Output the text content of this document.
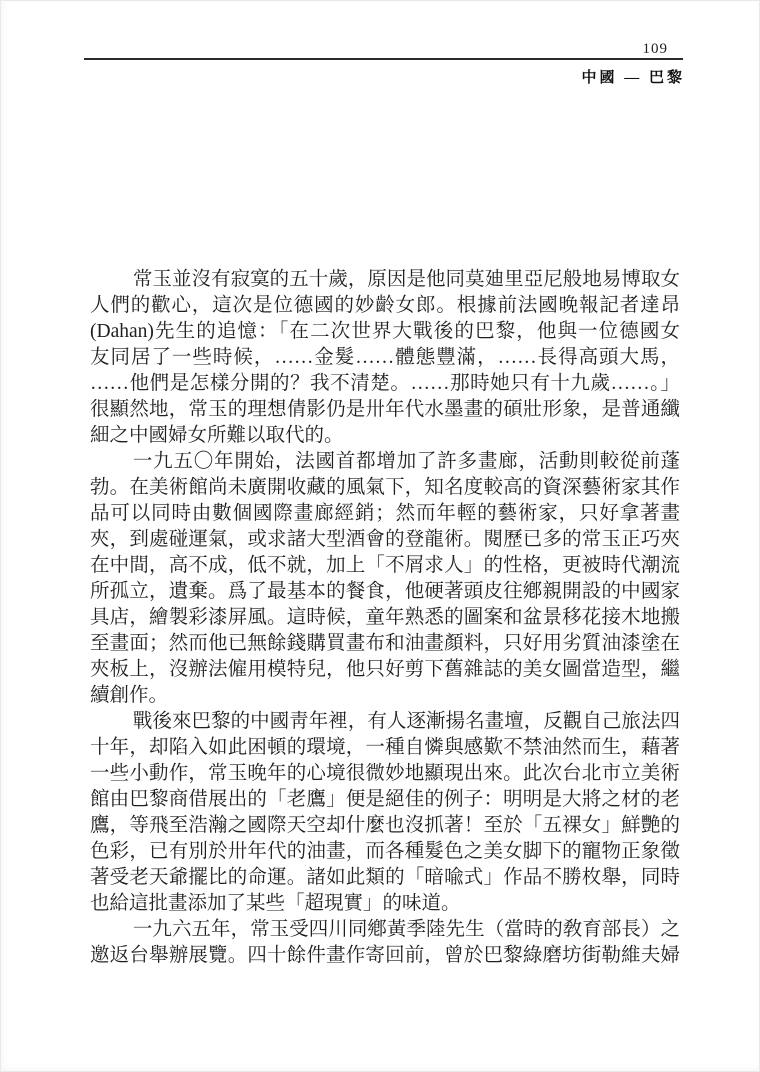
109
中國 — 巴黎
常玉並沒有寂寞的五十歲，原因是他同莫廸里亞尼般地易博取女
人們的歡心，這次是位德國的妙齡女郎。根據前法國晚報記者達昂
(Dahan)先生的追憶：「在二次世界大戰後的巴黎，他與一位德國女
友同居了一些時候，……金髮……體態豐滿，……長得高頭大馬，
……他們是怎樣分開的？我不清楚。……那時她只有十九歲……。」
很顯然地，常玉的理想倩影仍是卅年代水墨畫的碩壯形象，是普通纖
細之中國婦女所難以取代的。
一九五〇年開始，法國首都增加了許多畫廊，活動則較從前蓬
勃。在美術館尚未廣開收藏的風氣下，知名度較高的資深藝術家其作
品可以同時由數個國際畫廊經銷；然而年輕的藝術家，只好拿著畫
夾，到處碰運氣，或求諸大型酒會的登龍術。閱歷已多的常玉正巧夾
在中間，高不成，低不就，加上「不屑求人」的性格，更被時代潮流
所孤立，遺棄。爲了最基本的餐食，他硬著頭皮往鄕親開設的中國家
具店，繪製彩漆屏風。這時候，童年熟悉的圖案和盆景移花接木地搬
至畫面；然而他已無餘錢購買畫布和油畫顏料，只好用劣質油漆塗在
夾板上，沒辦法僱用模特兒，他只好剪下舊雜誌的美女圖當造型，繼
續創作。
戰後來巴黎的中國靑年裡，有人逐漸揚名畫壇，反觀自己旅法四
十年，却陷入如此困頓的環境，一種自憐與感歎不禁油然而生，藉著
一些小動作，常玉晚年的心境很微妙地顯現出來。此次台北市立美術
館由巴黎商借展出的「老鷹」便是絕佳的例子：明明是大將之材的老
鷹，等飛至浩瀚之國際天空却什麼也沒抓著！至於「五裸女」鮮艷的
色彩，已有別於卅年代的油畫，而各種髮色之美女脚下的寵物正象徵
著受老天爺擺比的命運。諸如此類的「暗喩式」作品不勝枚舉，同時
也給這批畫添加了某些「超現實」的味道。
一九六五年，常玉受四川同鄕黃季陸先生（當時的敎育部長）之
邀返台舉辦展覽。四十餘件畫作寄回前，曾於巴黎綠磨坊街勒維夫婦
